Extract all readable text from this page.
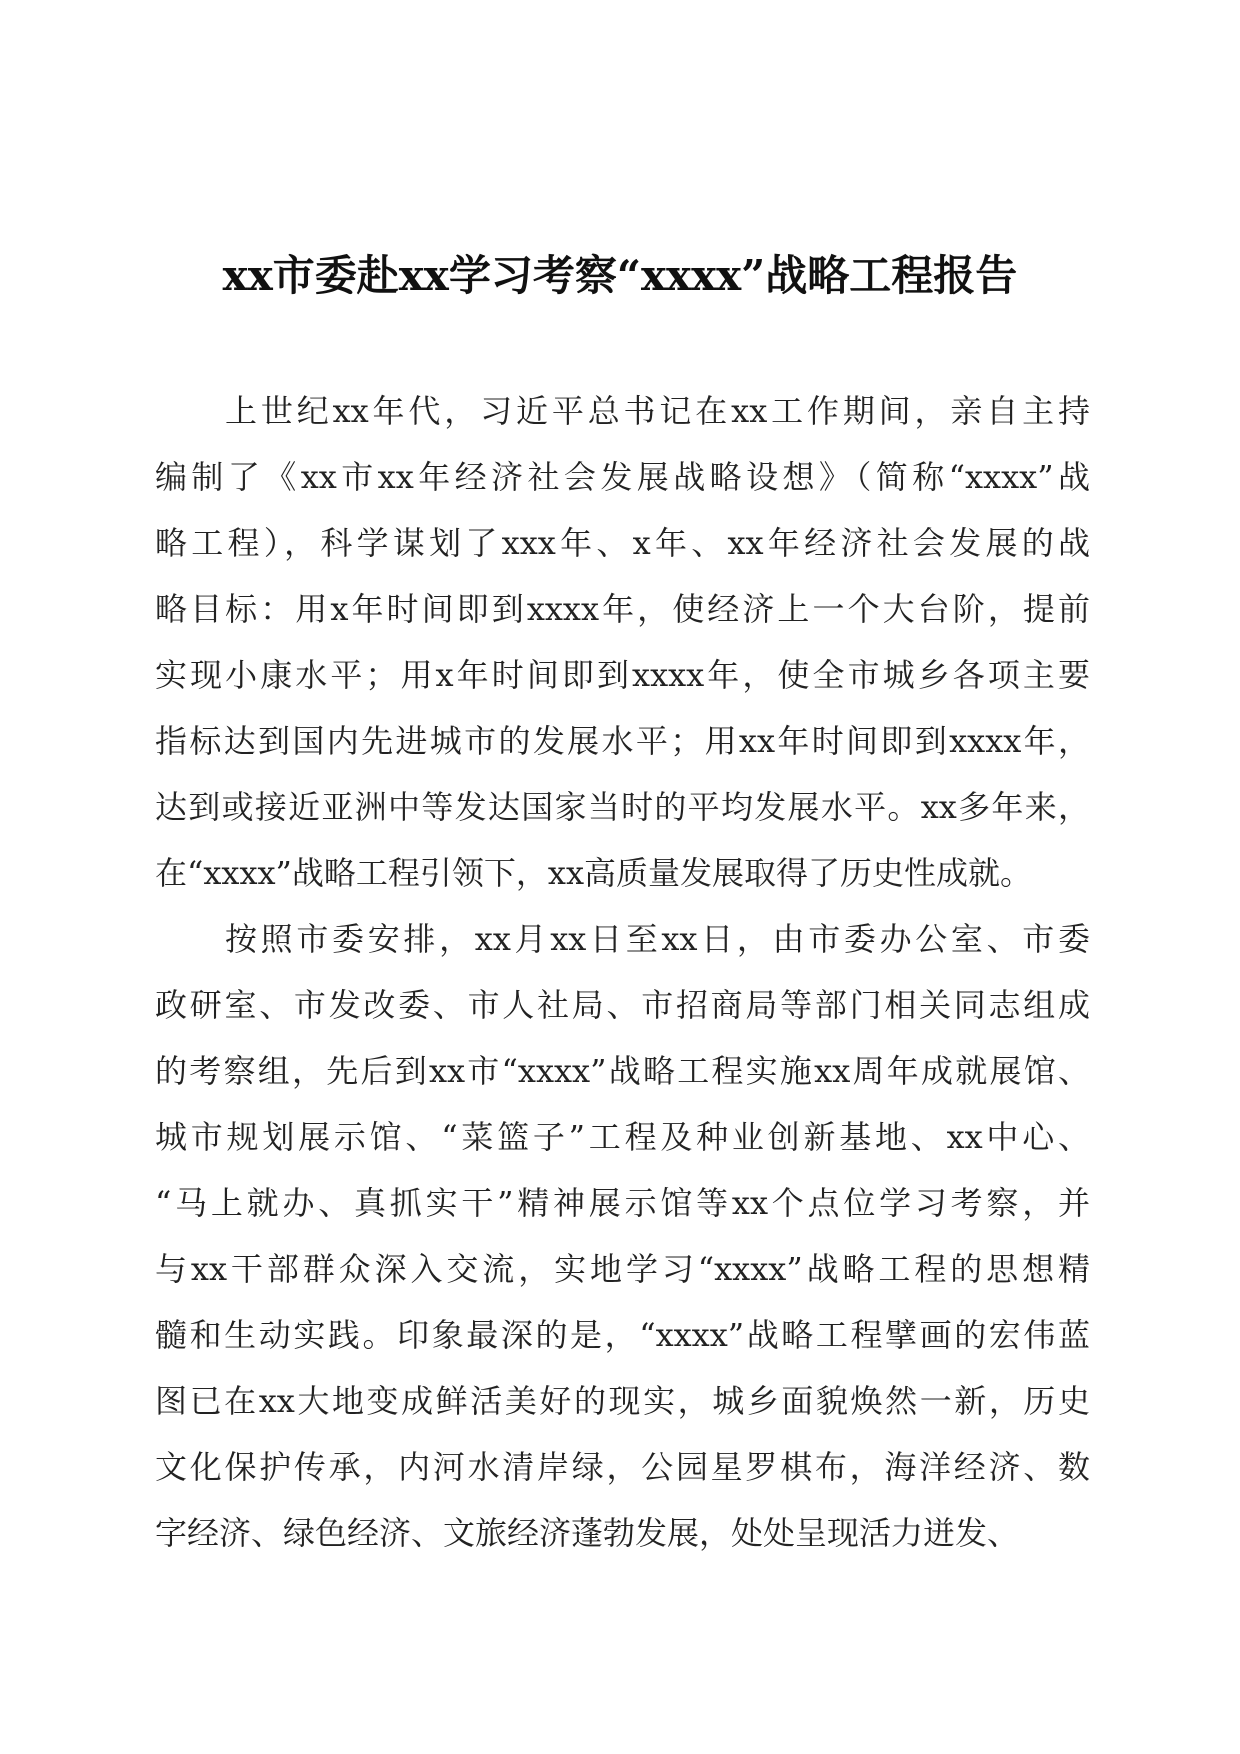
xx市委赴xx学习考察“xxxx”战略工程报告
上世纪xx年代，习近平总书记在xx工作期间，亲自主持
编制了《xx市xx年经济社会发展战略设想》（简称“xxxx”战
略工程），科学谋划了xxx年、x年、xx年经济社会发展的战
略目标：用x年时间即到xxxx年，使经济上一个大台阶，提前
实现小康水平；用x年时间即到xxxx年，使全市城乡各项主要
指标达到国内先进城市的发展水平；用xx年时间即到xxxx年，
达到或接近亚洲中等发达国家当时的平均发展水平。xx多年来，
在“xxxx”战略工程引领下，xx高质量发展取得了历史性成就。
按照市委安排，xx月xx日至xx日，由市委办公室、市委
政研室、市发改委、市人社局、市招商局等部门相关同志组成
的考察组，先后到xx市“xxxx”战略工程实施xx周年成就展馆、
城市规划展示馆、“菜篮子”工程及种业创新基地、xx中心、
“马上就办、真抓实干”精神展示馆等xx个点位学习考察，并
与xx干部群众深入交流，实地学习“xxxx”战略工程的思想精
髓和生动实践。印象最深的是，“xxxx”战略工程擘画的宏伟蓝
图已在xx大地变成鲜活美好的现实，城乡面貌焕然一新，历史
文化保护传承，内河水清岸绿，公园星罗棋布，海洋经济、数
字经济、绿色经济、文旅经济蓬勃发展，处处呈现活力迸发、
